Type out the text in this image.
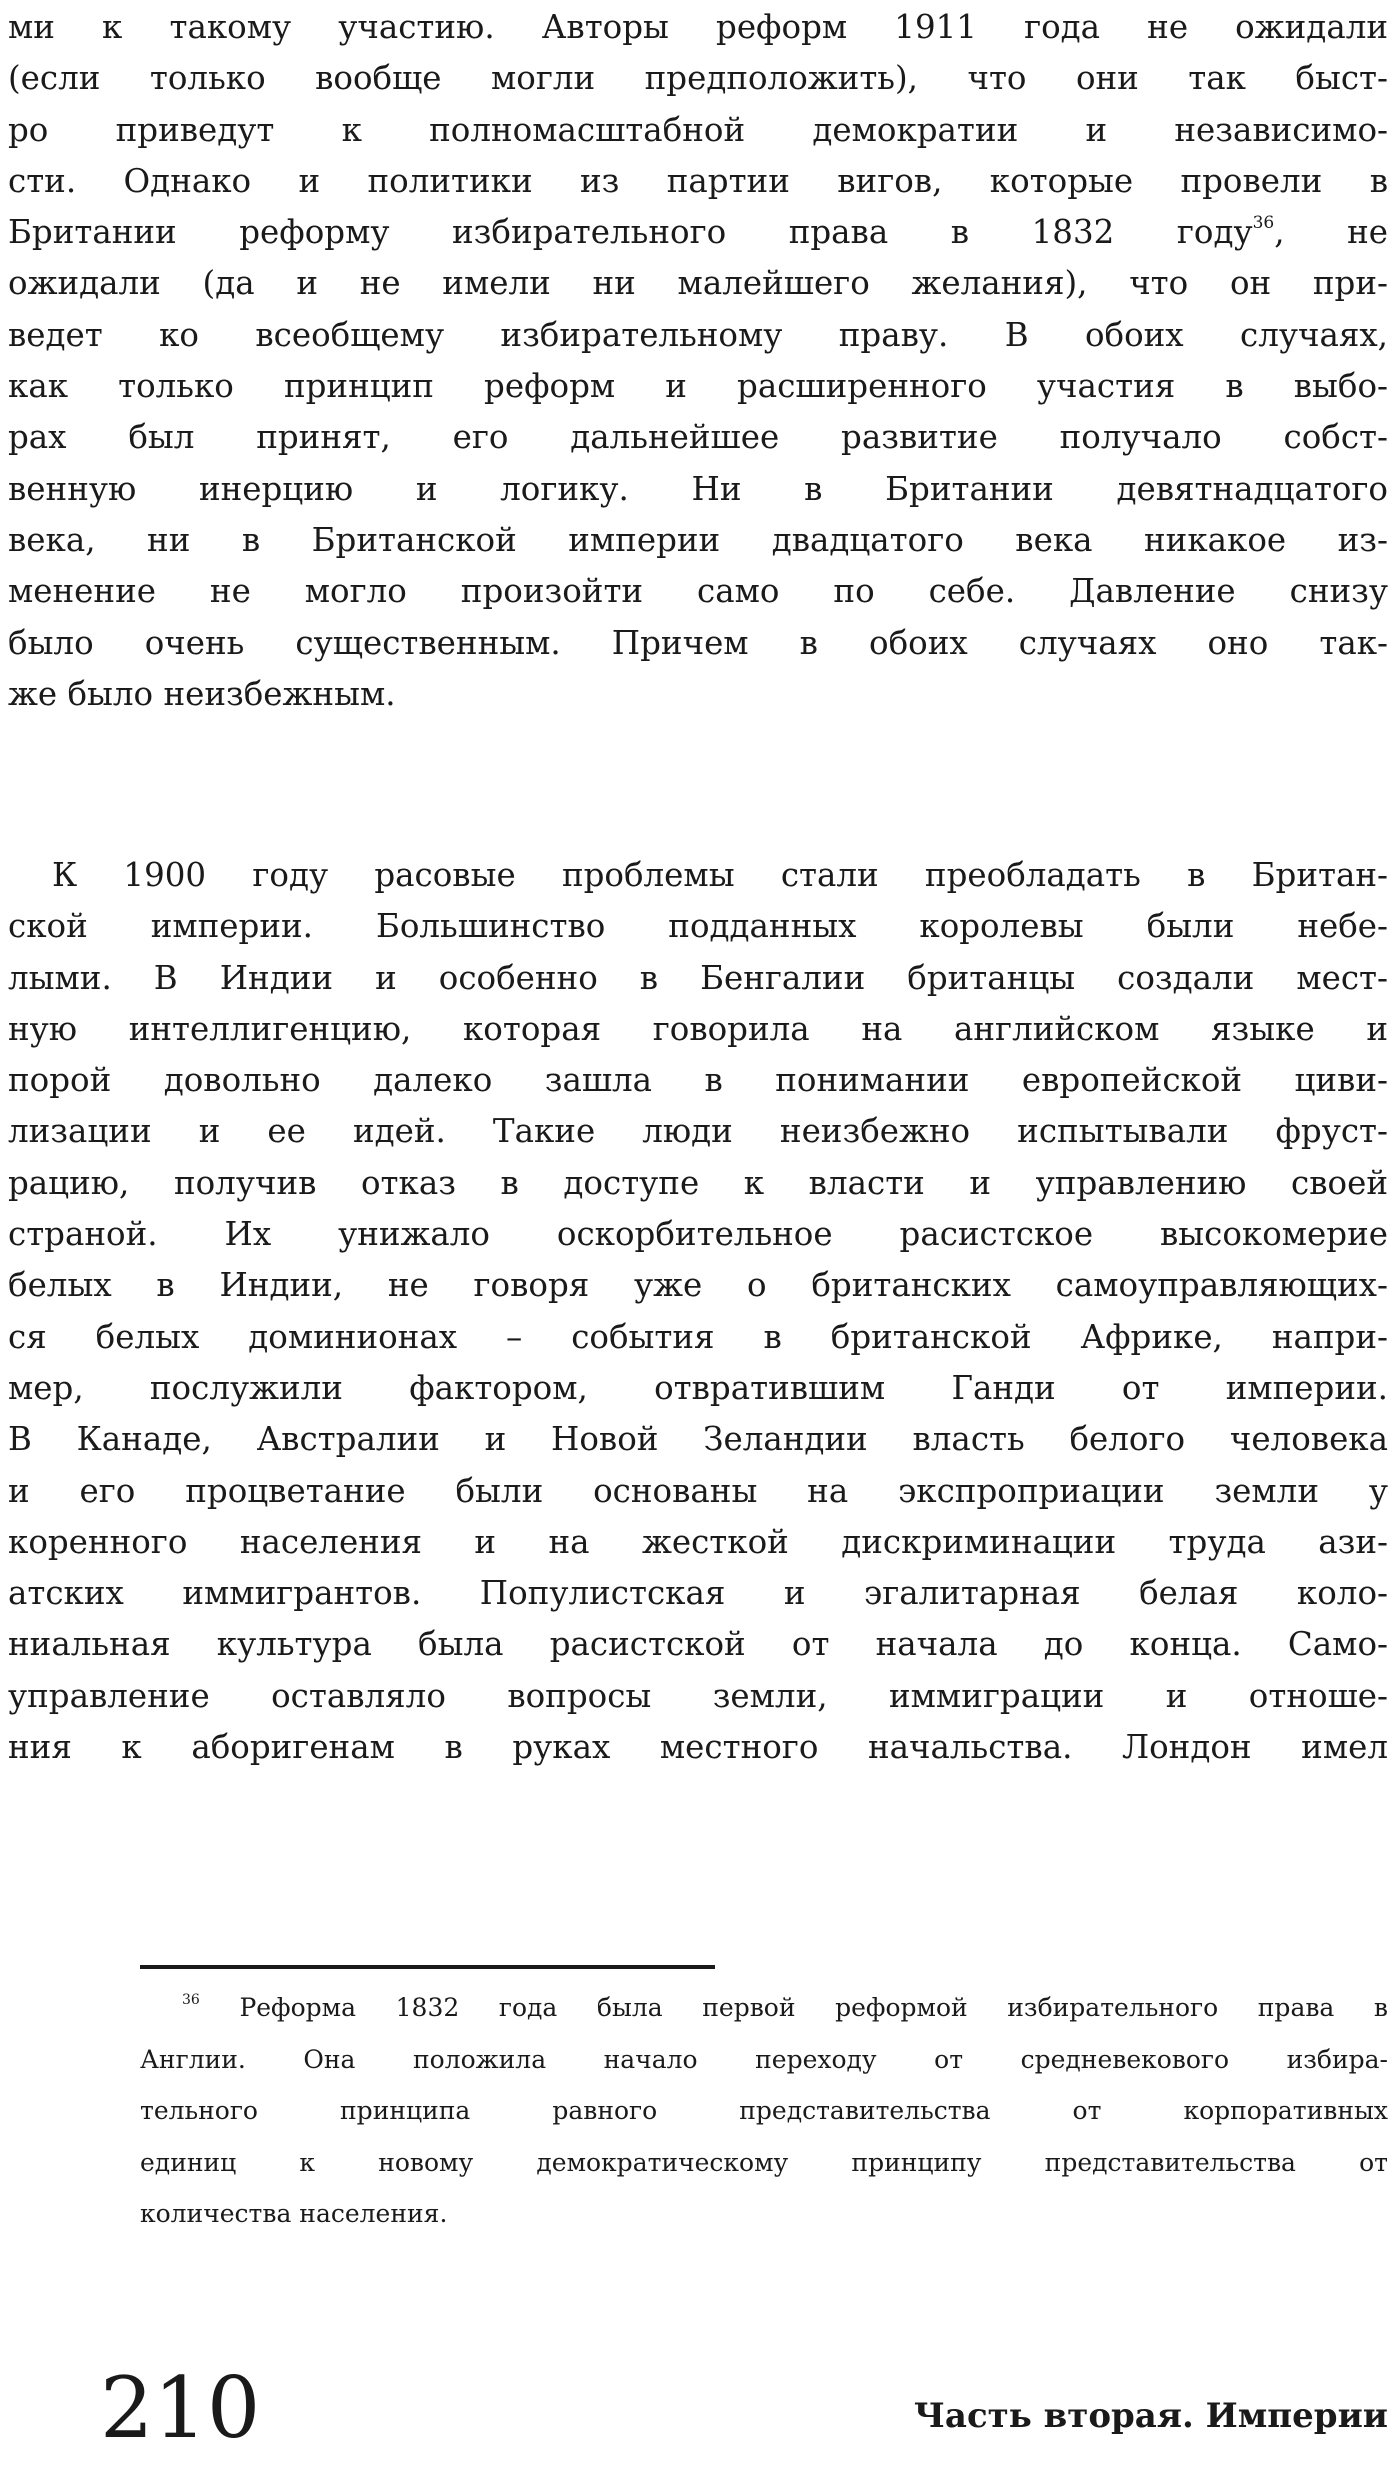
ми к такому участию. Авторы реформ 1911 года не ожидали
(если только вообще могли предположить), что они так быст-
ро приведут к полномасштабной демократии и независимо-
сти. Однако и политики из партии вигов, которые провели в
Британии реформу избирательного права в 1832 году$^{36}$, не
ожидали (да и не имели ни малейшего желания), что он при-
ведет ко всеобщему избирательному праву. В обоих случаях,
как только принцип реформ и расширенного участия в выбо-
рах был принят, его дальнейшее развитие получало собст-
венную инерцию и логику. Ни в Британии девятнадцатого
века, ни в Британской империи двадцатого века никакое из-
менение не могло произойти само по себе. Давление снизу
было очень существенным. Причем в обоих случаях оно так-
же было неизбежным.
К 1900 году расовые проблемы стали преобладать в Британ-
ской империи. Большинство подданных королевы были небе-
лыми. В Индии и особенно в Бенгалии британцы создали мест-
ную интеллигенцию, которая говорила на английском языке и
порой довольно далеко зашла в понимании европейской циви-
лизации и ее идей. Такие люди неизбежно испытывали фруст-
рацию, получив отказ в доступе к власти и управлению своей
страной. Их унижало оскорбительное расистское высокомерие
белых в Индии, не говоря уже о британских самоуправляющих-
ся белых доминионах – события в британской Африке, напри-
мер, послужили фактором, отвратившим Ганди от империи.
В Канаде, Австралии и Новой Зеландии власть белого человека
и его процветание были основаны на экспроприации земли у
коренного населения и на жесткой дискриминации труда ази-
атских иммигрантов. Популистская и эгалитарная белая коло-
ниальная культура была расистской от начала до конца. Само-
управление оставляло вопросы земли, иммиграции и отноше-
ния к аборигенам в руках местного начальства. Лондон имел
$^{36}$ Реформа 1832 года была первой реформой избирательного права в
Англии. Она положила начало переходу от средневекового избира-
тельного принципа равного представительства от корпоративных
единиц к новому демократическому принципу представительства от
количества населения.
210	Часть вторая. Империи
